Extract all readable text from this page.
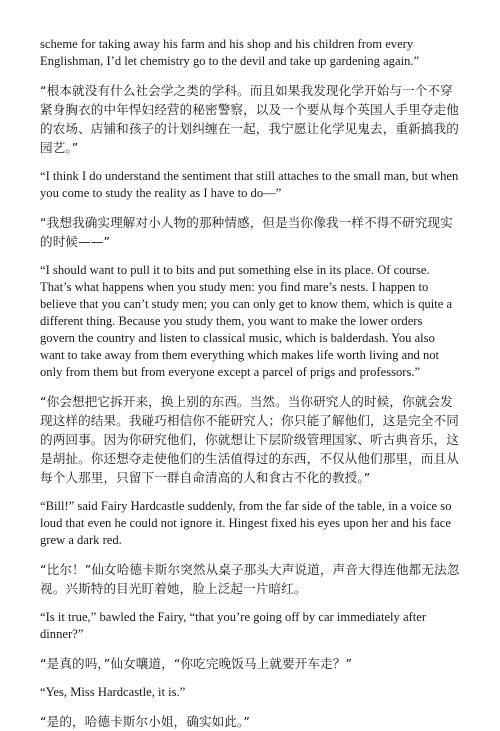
scheme for taking away his farm and his shop and his children from every Englishman, I’d let chemistry go to the devil and take up gardening again.”

“根本就没有什么社会学之类的学科。而且如果我发现化学开始与一个不穿紧身胸衣的中年悍妇经营的秘密警察，以及一个要从每个英国人手里夺走他的农场、店铺和孩子的计划纠缠在一起，我宁愿让化学见鬼去，重新搞我的园艺。”

“I think I do understand the sentiment that still attaches to the small man, but when you come to study the reality as I have to do—”

“我想我确实理解对小人物的那种情感，但是当你像我一样不得不研究现实的时候——”

“I should want to pull it to bits and put something else in its place. Of course. That’s what happens when you study men: you find mare’s nests. I happen to believe that you can’t study men; you can only get to know them, which is quite a different thing. Because you study them, you want to make the lower orders govern the country and listen to classical music, which is balderdash. You also want to take away from them everything which makes life worth living and not only from them but from everyone except a parcel of prigs and professors.”

“你会想把它拆开来，换上别的东西。当然。当你研究人的时候，你就会发现这样的结果。我碰巧相信你不能研究人；你只能了解他们，这是完全不同的两回事。因为你研究他们，你就想让下层阶级管理国家、听古典音乐，这是胡扯。你还想夺走使他们的生活值得过的东西，不仅从他们那里，而且从每个人那里，只留下一群自命清高的人和食古不化的教授。”

“Bill!” said Fairy Hardcastle suddenly, from the far side of the table, in a voice so loud that even he could not ignore it. Hingest fixed his eyes upon her and his face grew a dark red.

“比尔！”仙女哈德卡斯尔突然从桌子那头大声说道，声音大得连他都无法忽视。兴斯特的目光盯着她，脸上泛起一片暗红。

“Is it true,” bawled the Fairy, “that you’re going off by car immediately after dinner?”

“是真的吗，”仙女嚷道，“你吃完晚饭马上就要开车走？”

“Yes, Miss Hardcastle, it is.”

“是的，哈德卡斯尔小姐，确实如此。”
